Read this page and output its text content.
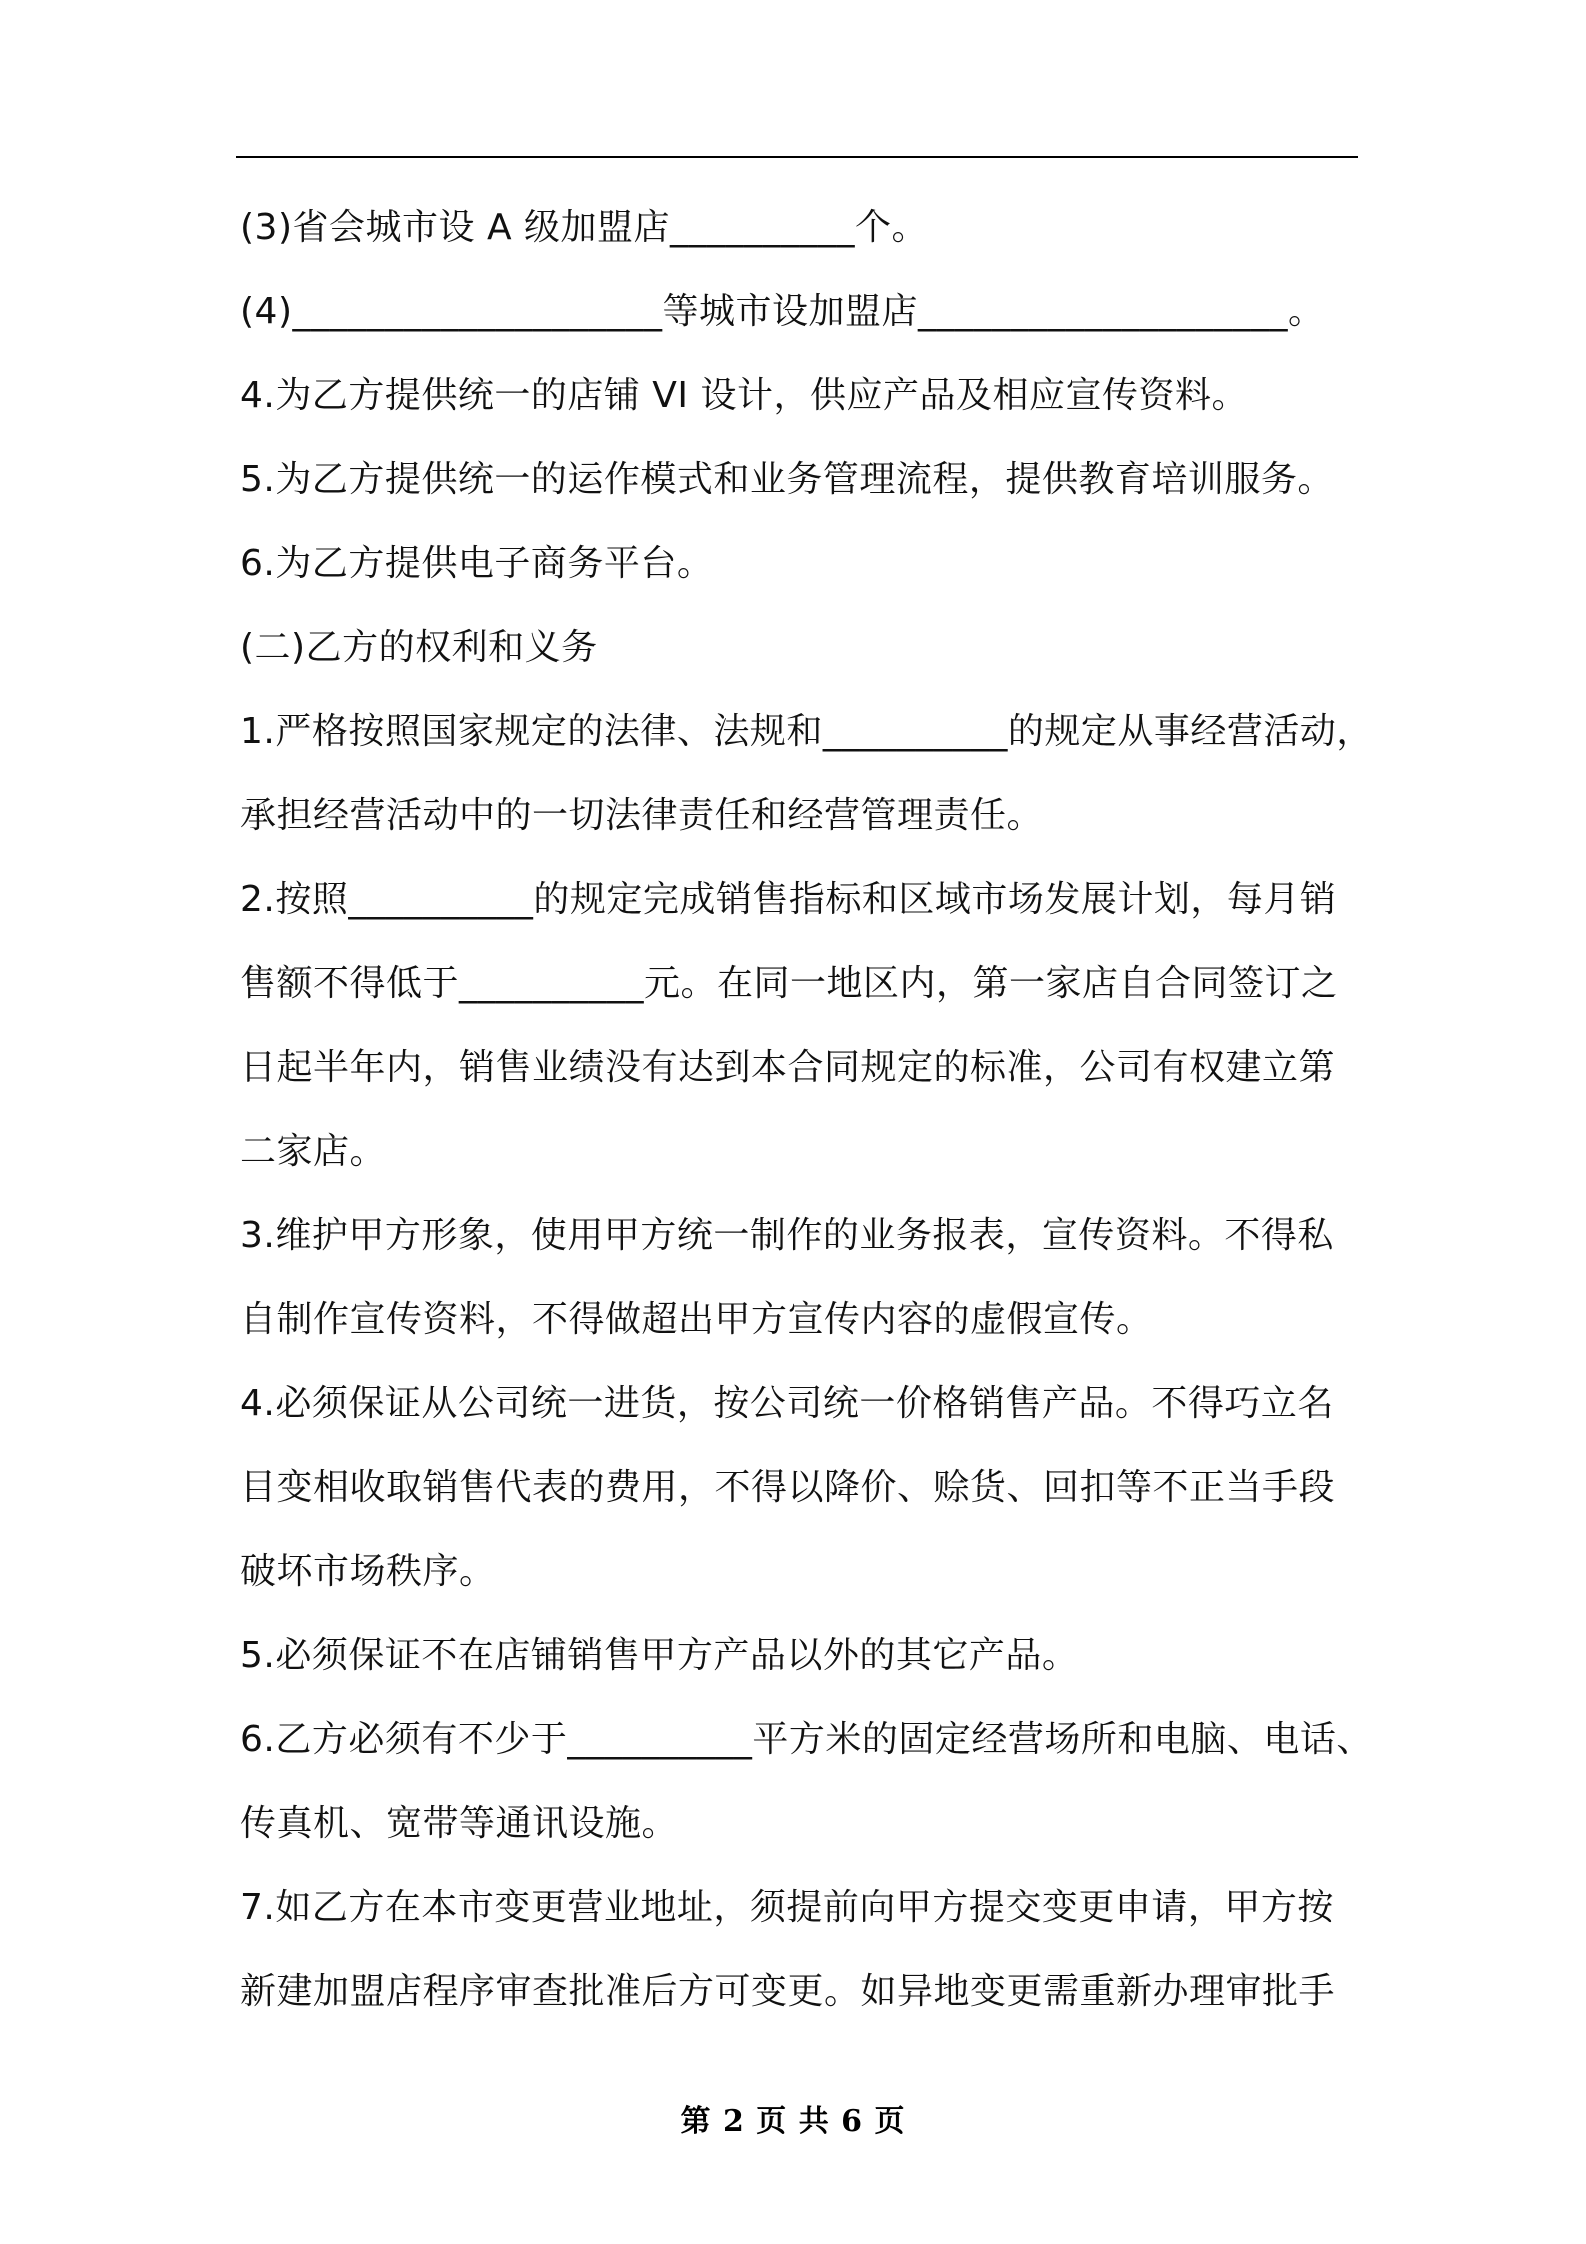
(3)省会城市设 A 级加盟店__________个。
(4)____________________等城市设加盟店____________________。
4.为乙方提供统一的店铺 VI 设计，供应产品及相应宣传资料。
5.为乙方提供统一的运作模式和业务管理流程，提供教育培训服务。
6.为乙方提供电子商务平台。
(二)乙方的权利和义务
1.严格按照国家规定的法律、法规和__________的规定从事经营活动，
承担经营活动中的一切法律责任和经营管理责任。
2.按照__________的规定完成销售指标和区域市场发展计划，每月销
售额不得低于__________元。在同一地区内，第一家店自合同签订之
日起半年内，销售业绩没有达到本合同规定的标准，公司有权建立第
二家店。
3.维护甲方形象，使用甲方统一制作的业务报表，宣传资料。不得私
自制作宣传资料，不得做超出甲方宣传内容的虚假宣传。
4.必须保证从公司统一进货，按公司统一价格销售产品。不得巧立名
目变相收取销售代表的费用，不得以降价、赊货、回扣等不正当手段
破坏市场秩序。
5.必须保证不在店铺销售甲方产品以外的其它产品。
6.乙方必须有不少于__________平方米的固定经营场所和电脑、电话、
传真机、宽带等通讯设施。
7.如乙方在本市变更营业地址，须提前向甲方提交变更申请，甲方按
新建加盟店程序审查批准后方可变更。如异地变更需重新办理审批手
第 2 页 共 6 页
